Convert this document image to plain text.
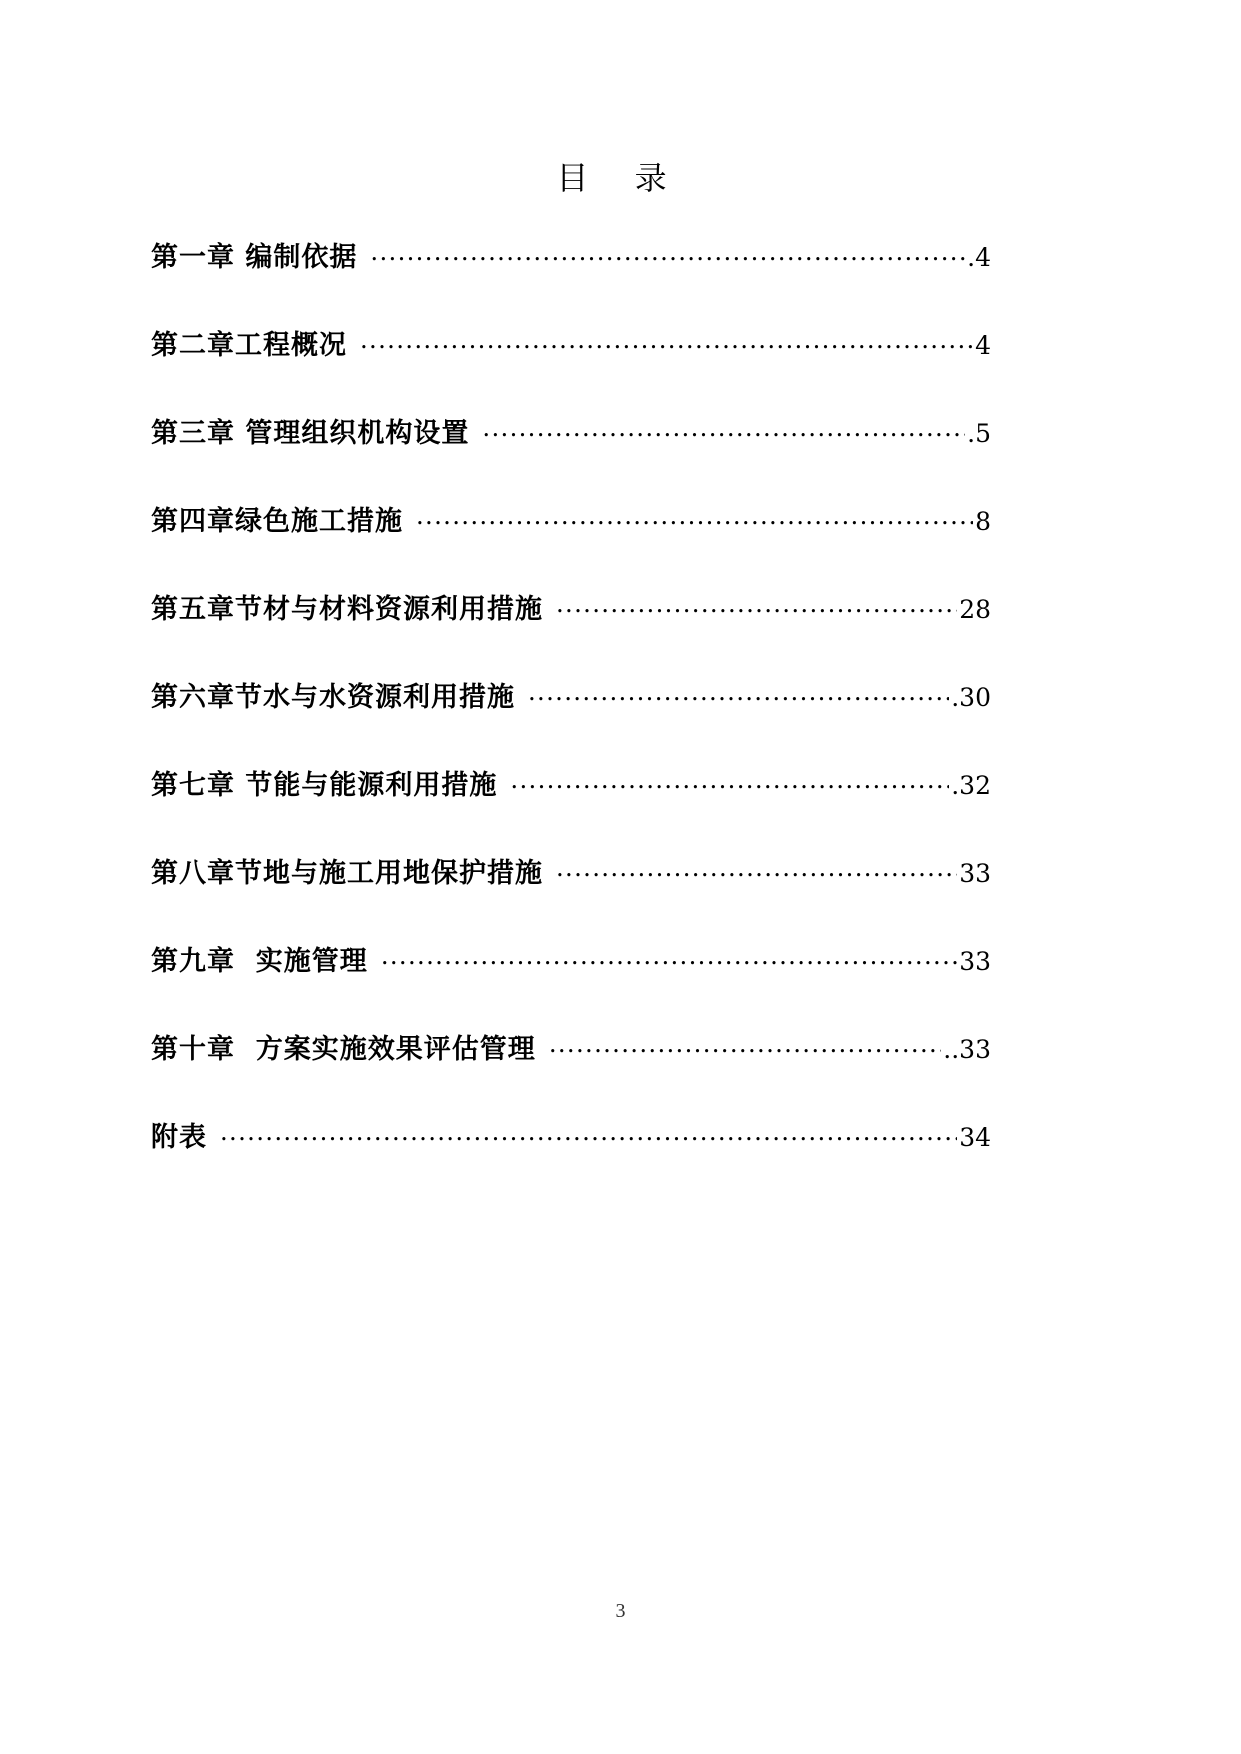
目 录
第一章 编制依据 •••••	.4
第二章工程概况 •••••	4
第三章 管理组织机构设置 •••••	.5
第四章绿色施工措施 •••••	8
第五章节材与材料资源利用措施 •••••	28
第六章节水与水资源利用措施 •••••	.30
第七章 节能与能源利用措施 •••••	.32
第八章节地与施工用地保护措施 •••••	33
第九章  实施管理 •••••	33
第十章  方案实施效果评估管理 •••••	..33
附表 •••••	34
3
